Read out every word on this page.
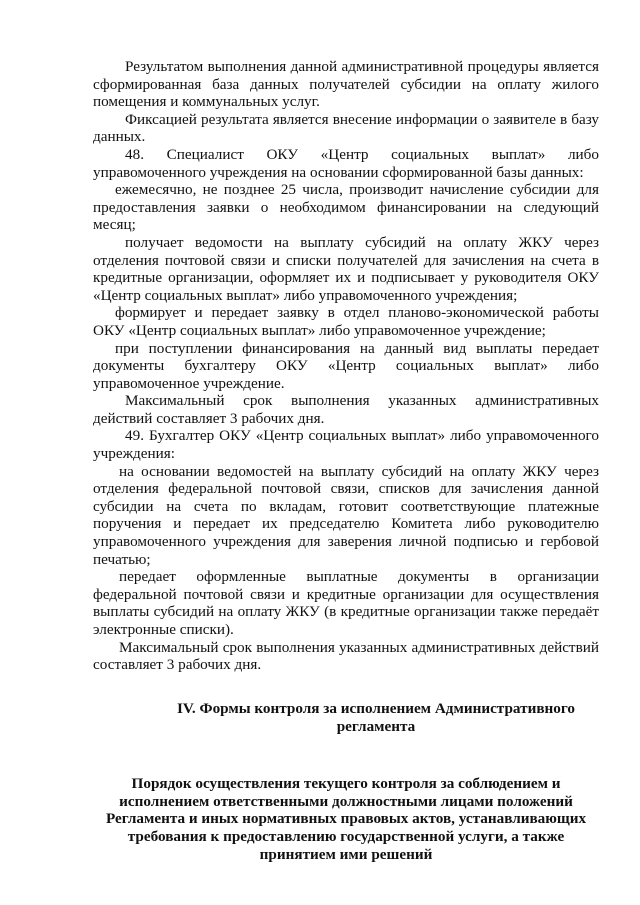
Результатом выполнения данной административной процедуры является сформированная база данных получателей субсидии на оплату жилого помещения и коммунальных услуг.

Фиксацией результата является внесение информации о заявителе в базу данных.

48. Специалист ОКУ «Центр социальных выплат» либо управомоченного учреждения на основании сформированной базы данных:

ежемесячно, не позднее 25 числа, производит начисление субсидии для предоставления заявки о необходимом финансировании на следующий месяц;

получает ведомости на выплату субсидий на оплату ЖКУ через отделения почтовой связи и списки получателей для зачисления на счета в кредитные организации, оформляет их и подписывает у руководителя ОКУ «Центр социальных выплат» либо управомоченного учреждения;

формирует и передает заявку в отдел планово-экономической работы ОКУ «Центр социальных выплат» либо управомоченное учреждение;

при поступлении финансирования на данный вид выплаты передает документы бухгалтеру ОКУ «Центр социальных выплат» либо управомоченное учреждение.

Максимальный срок выполнения указанных административных действий составляет 3 рабочих дня.

49. Бухгалтер ОКУ «Центр социальных выплат» либо управомоченного учреждения:

на основании ведомостей на выплату субсидий на оплату ЖКУ через отделения федеральной почтовой связи, списков для зачисления данной субсидии на счета по вкладам, готовит соответствующие платежные поручения и передает их председателю Комитета либо руководителю управомоченного учреждения для заверения личной подписью и гербовой печатью;

передает оформленные выплатные документы в организации федеральной почтовой связи и кредитные организации для осуществления выплаты субсидий на оплату ЖКУ (в кредитные организации также передаёт электронные списки).

Максимальный срок выполнения указанных административных действий составляет 3 рабочих дня.

IV. Формы контроля за исполнением Административного регламента

Порядок осуществления текущего контроля за соблюдением и исполнением ответственными должностными лицами положений Регламента и иных нормативных правовых актов, устанавливающих требования к предоставлению государственной услуги, а также принятием ими решений
